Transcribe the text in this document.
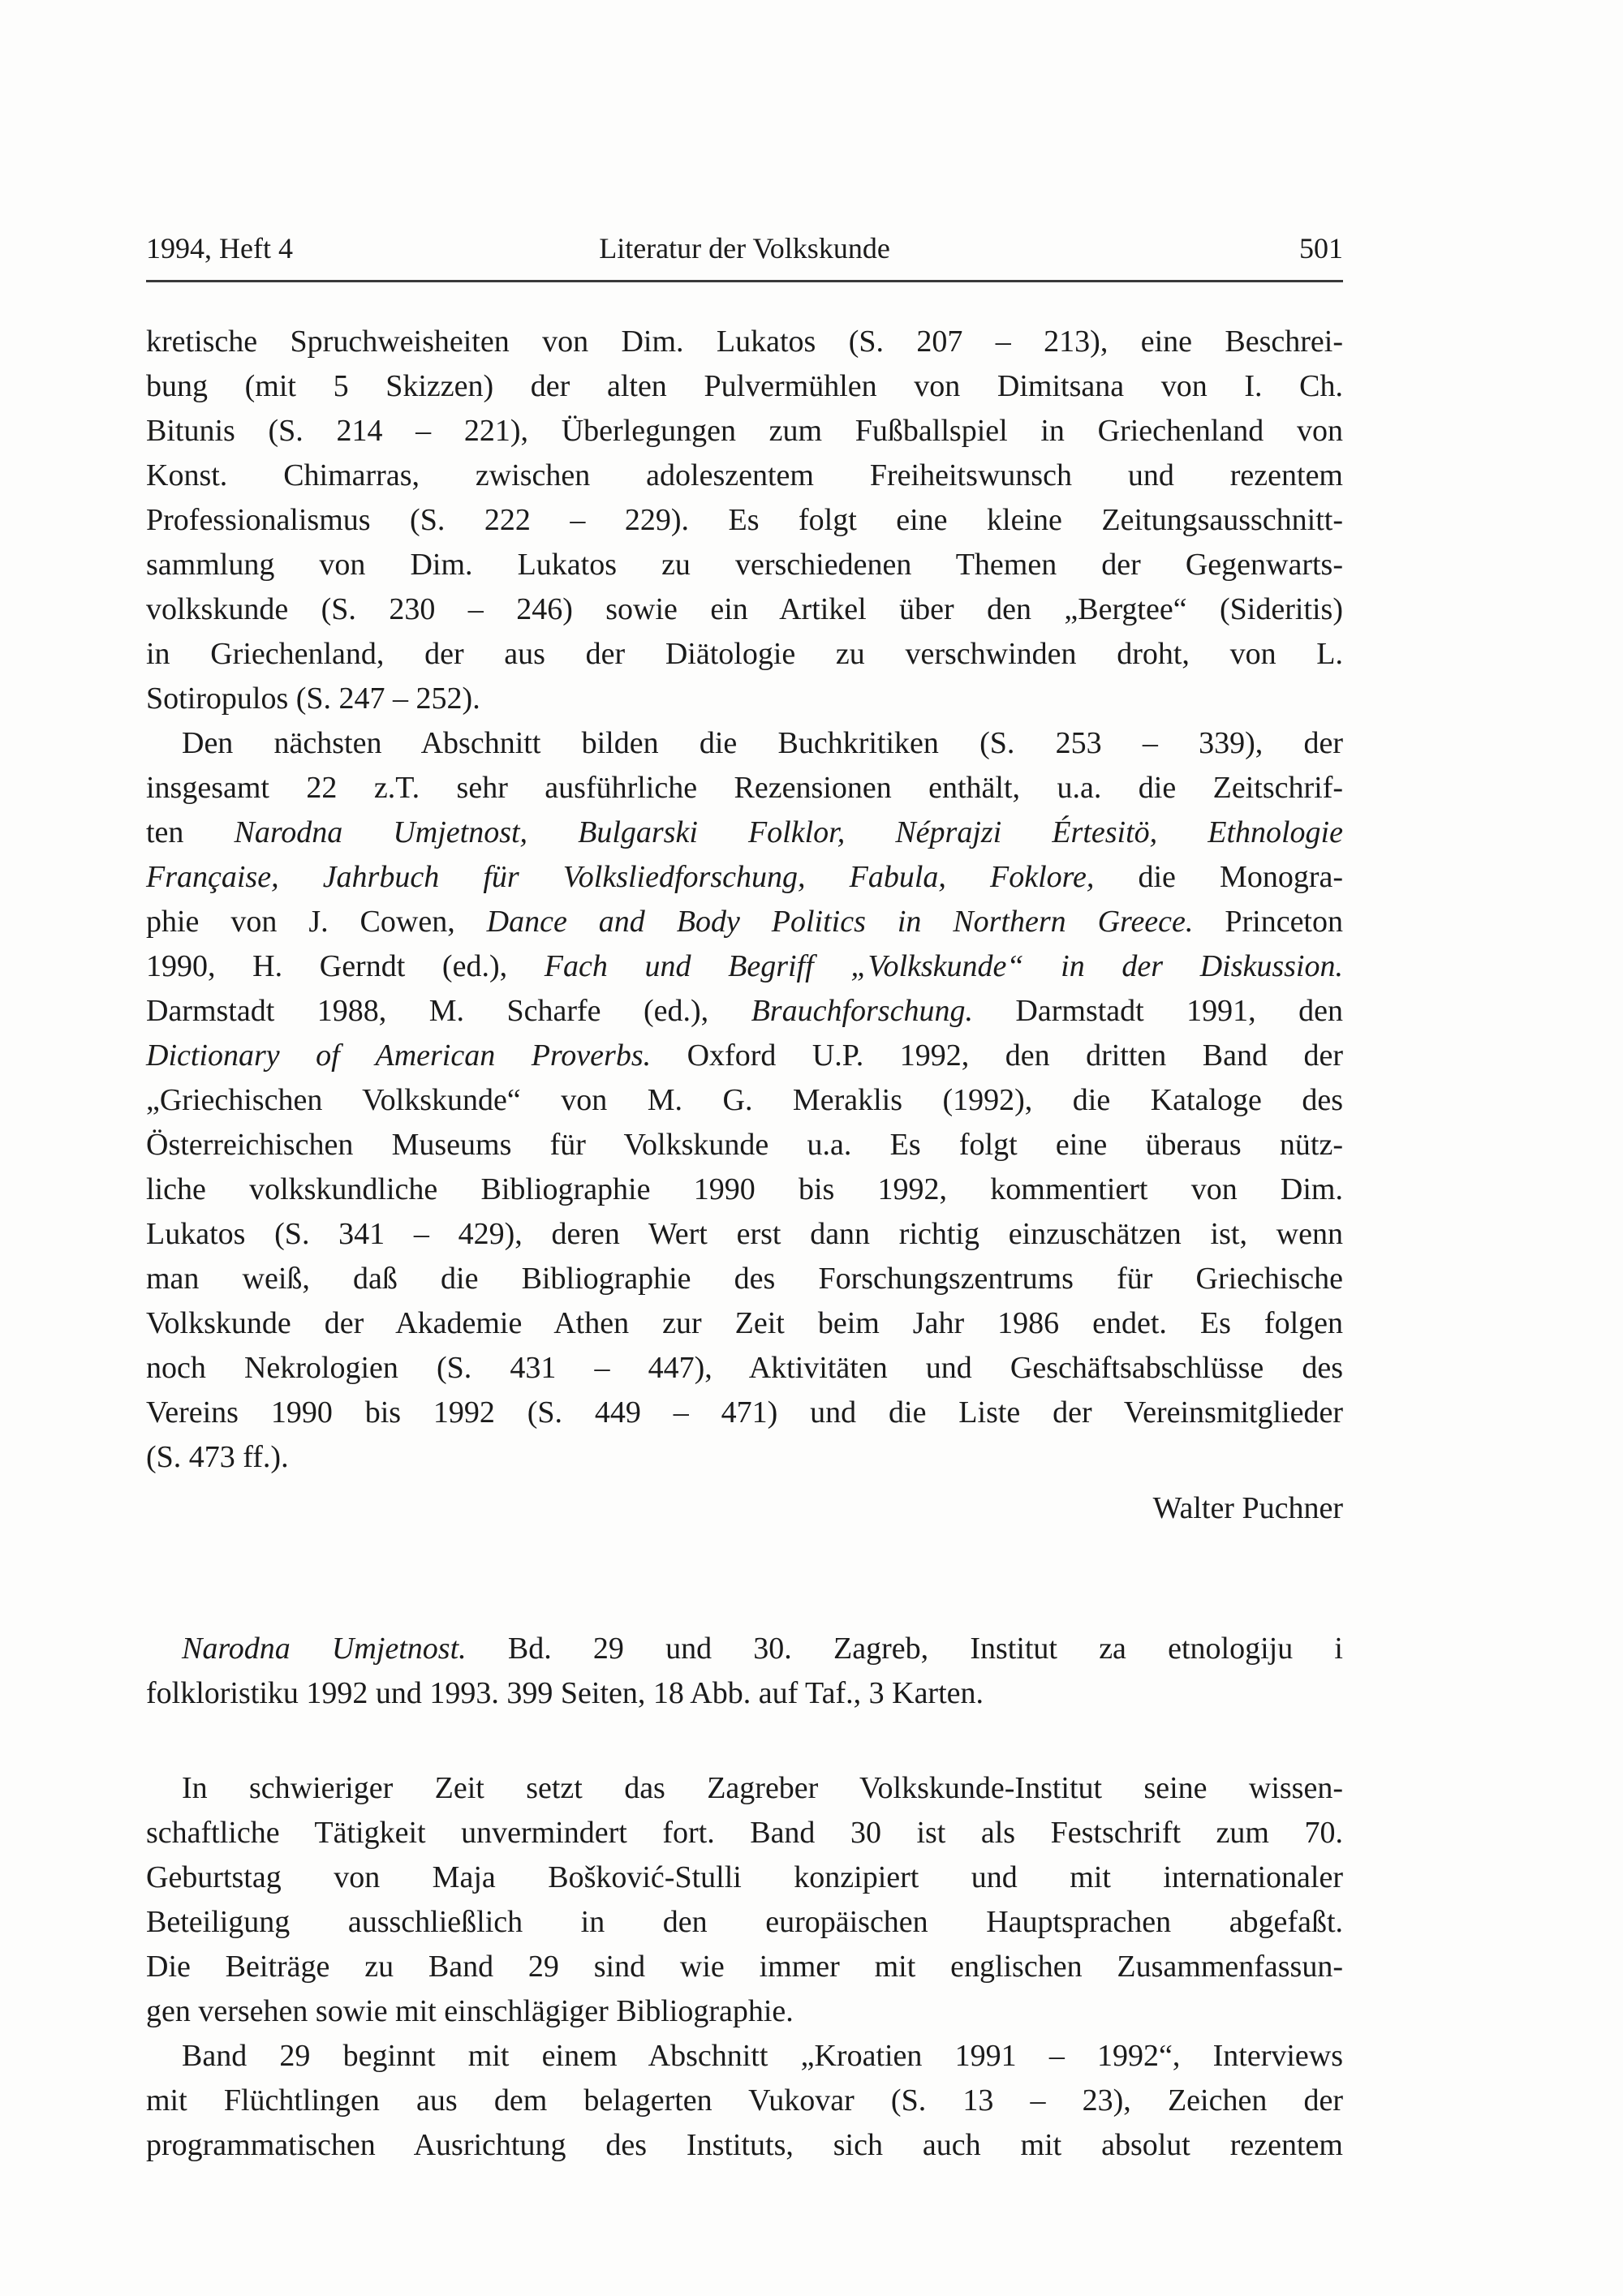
1994, Heft 4	Literatur der Volkskunde	501
kretische Spruchweisheiten von Dim. Lukatos (S. 207 – 213), eine Beschrei-
bung (mit 5 Skizzen) der alten Pulvermühlen von Dimitsana von I. Ch.
Bitunis (S. 214 – 221), Überlegungen zum Fußballspiel in Griechenland von
Konst. Chimarras, zwischen adoleszentem Freiheitswunsch und rezentem
Professionalismus (S. 222 – 229). Es folgt eine kleine Zeitungsausschnitt-
sammlung von Dim. Lukatos zu verschiedenen Themen der Gegenwarts-
volkskunde (S. 230 – 246) sowie ein Artikel über den „Bergtee“ (Sideritis)
in Griechenland, der aus der Diätologie zu verschwinden droht, von L.
Sotiropulos (S. 247 – 252).
Den nächsten Abschnitt bilden die Buchkritiken (S. 253 – 339), der
insgesamt 22 z.T. sehr ausführliche Rezensionen enthält, u.a. die Zeitschrif-
ten Narodna Umjetnost, Bulgarski Folklor, Néprajzi Értesitö, Ethnologie
Française, Jahrbuch für Volksliedforschung, Fabula, Foklore, die Monogra-
phie von J. Cowen, Dance and Body Politics in Northern Greece. Princeton
1990, H. Gerndt (ed.), Fach und Begriff „Volkskunde“ in der Diskussion.
Darmstadt 1988, M. Scharfe (ed.), Brauchforschung. Darmstadt 1991, den
Dictionary of American Proverbs. Oxford U.P. 1992, den dritten Band der
„Griechischen Volkskunde“ von M. G. Meraklis (1992), die Kataloge des
Österreichischen Museums für Volkskunde u.a. Es folgt eine überaus nütz-
liche volkskundliche Bibliographie 1990 bis 1992, kommentiert von Dim.
Lukatos (S. 341 – 429), deren Wert erst dann richtig einzuschätzen ist, wenn
man weiß, daß die Bibliographie des Forschungszentrums für Griechische
Volkskunde der Akademie Athen zur Zeit beim Jahr 1986 endet. Es folgen
noch Nekrologien (S. 431 – 447), Aktivitäten und Geschäftsabschlüsse des
Vereins 1990 bis 1992 (S. 449 – 471) und die Liste der Vereinsmitglieder
(S. 473 ff.).
Walter Puchner
Narodna Umjetnost. Bd. 29 und 30. Zagreb, Institut za etnologiju i
folkloristiku 1992 und 1993. 399 Seiten, 18 Abb. auf Taf., 3 Karten.
In schwieriger Zeit setzt das Zagreber Volkskunde-Institut seine wissen-
schaftliche Tätigkeit unvermindert fort. Band 30 ist als Festschrift zum 70.
Geburtstag von Maja Bošković-Stulli konzipiert und mit internationaler
Beteiligung ausschließlich in den europäischen Hauptsprachen abgefaßt.
Die Beiträge zu Band 29 sind wie immer mit englischen Zusammenfassun-
gen versehen sowie mit einschlägiger Bibliographie.
Band 29 beginnt mit einem Abschnitt „Kroatien 1991 – 1992“, Interviews
mit Flüchtlingen aus dem belagerten Vukovar (S. 13 – 23), Zeichen der
programmatischen Ausrichtung des Instituts, sich auch mit absolut rezentem
